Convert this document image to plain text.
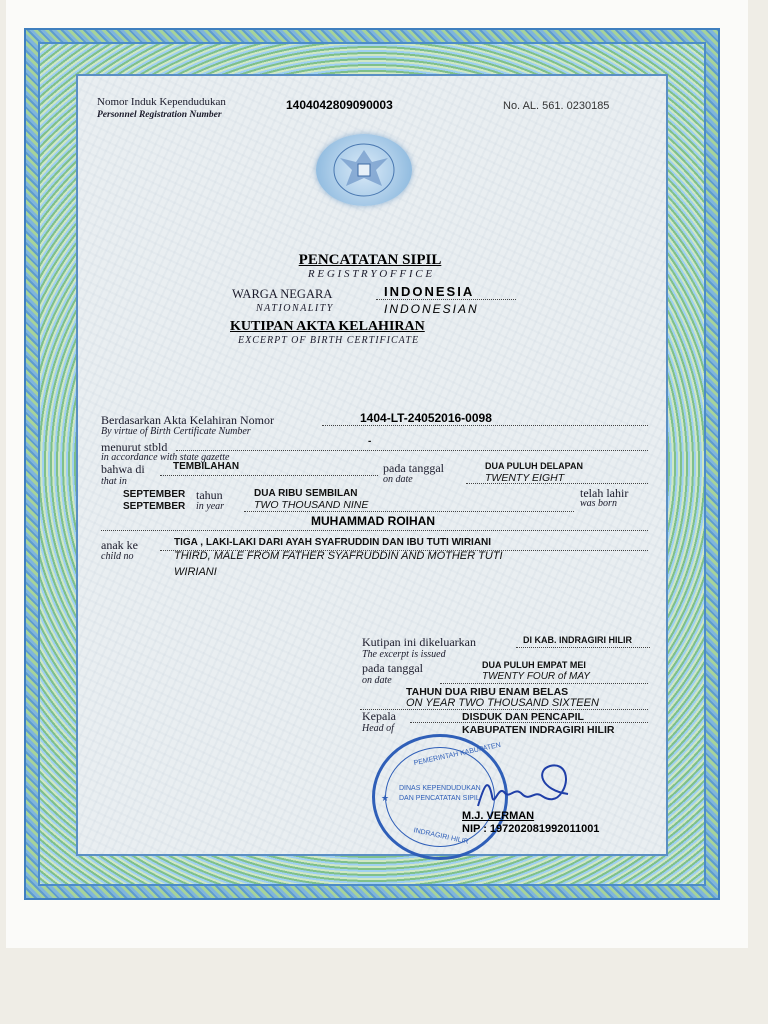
Nomor Induk Kependudukan
Personnel Registration Number
1404042809090003	No. AL. 561. 0230185
PENCATATAN SIPIL
R E G I S T R Y O F F I C E
WARGA NEGARA
NATIONALITY
INDONESIA
INDONESIAN
KUTIPAN AKTA KELAHIRAN
EXCERPT OF BIRTH CERTIFICATE
Berdasarkan Akta Kelahiran Nomor
By virtue of Birth Certificate Number
1404-LT-24052016-0098
menurut stbld
in accordance with state gazette
-
bahwa di
that in
TEMBILAHAN	pada tanggal
on date
DUA PULUH DELAPAN
TWENTY EIGHT
SEPTEMBER
SEPTEMBER
tahun
in year
DUA RIBU SEMBILAN
TWO THOUSAND NINE
telah lahir
was born
MUHAMMAD ROIHAN
anak ke
child no
TIGA , LAKI-LAKI DARI AYAH SYAFRUDDIN DAN IBU TUTI WIRIANI
THIRD, MALE FROM FATHER SYAFRUDDIN AND MOTHER TUTI
WIRIANI
Kutipan ini dikeluarkan
The excerpt is issued
DI KAB. INDRAGIRI HILIR
pada tanggal
on date
DUA PULUH EMPAT MEI
TWENTY FOUR of MAY
TAHUN DUA RIBU ENAM BELAS
ON YEAR TWO THOUSAND SIXTEEN
Kepala
Head of
DISDUK DAN PENCAPIL
KABUPATEN INDRAGIRI HILIR
PEMERINTAH KABUPATEN
DINAS KEPENDUDUKAN
DAN PENCATATAN SIPIL
INDRAGIRI HILIR
★
M.J. VERMAN
NIP : 197202081992011001
